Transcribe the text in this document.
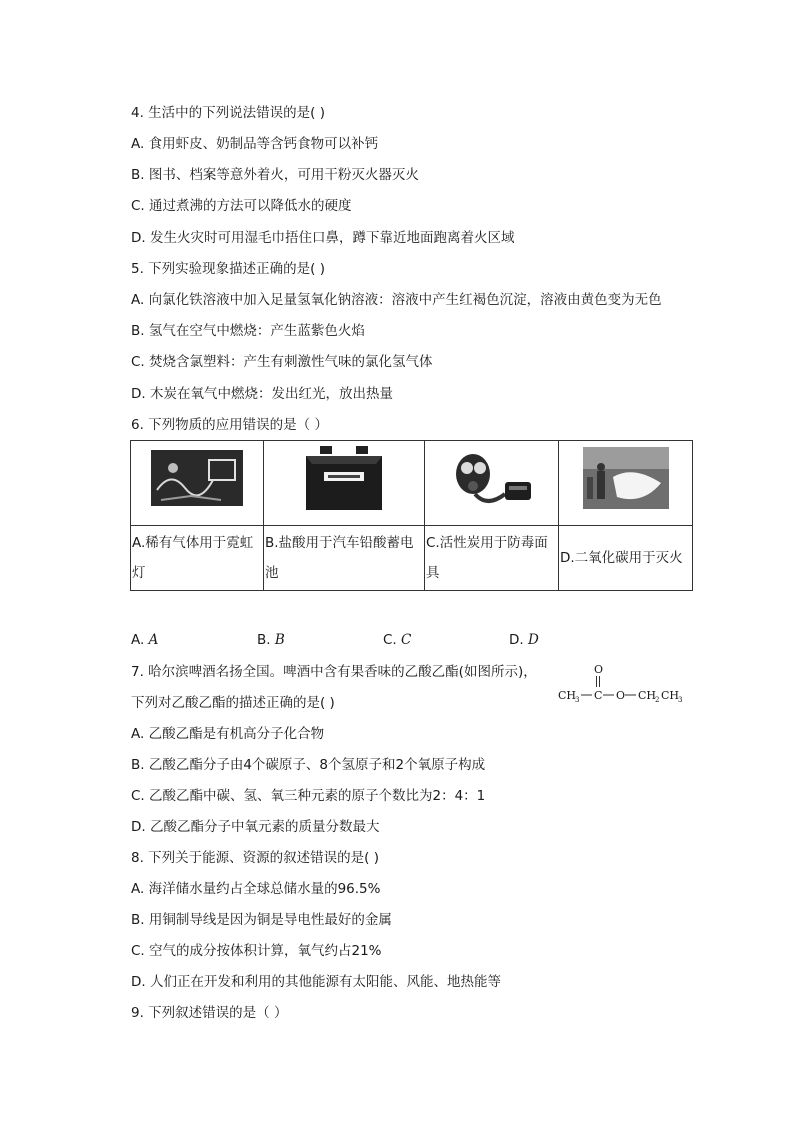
4. 生活中的下列说法错误的是( )
A. 食用虾皮、奶制品等含钙食物可以补钙
B. 图书、档案等意外着火，可用干粉灭火器灭火
C. 通过煮沸的方法可以降低水的硬度
D. 发生火灾时可用湿毛巾捂住口鼻，蹲下靠近地面跑离着火区域
5. 下列实验现象描述正确的是( )
A. 向氯化铁溶液中加入足量氢氧化钠溶液：溶液中产生红褐色沉淀，溶液由黄色变为无色
B. 氢气在空气中燃烧：产生蓝紫色火焰
C. 焚烧含氯塑料：产生有刺激性气味的氯化氢气体
D. 木炭在氧气中燃烧：发出红光，放出热量
6. 下列物质的应用错误的是（ ）

A.稀有气体用于霓虹灯	B.盐酸用于汽车铅酸蓄电池	C.活性炭用于防毒面具	D.二氧化碳用于灭火
A. A	B. B	C. C	D. D
7. 哈尔滨啤酒名扬全国。啤酒中含有果香味的乙酸乙酯(如图所示)，
下列对乙酸乙酯的描述正确的是( )
O
CH
3 C O CH
2 CH
3
A. 乙酸乙酯是有机高分子化合物
B. 乙酸乙酯分子由4个碳原子、8个氢原子和2个氧原子构成
C. 乙酸乙酯中碳、氢、氧三种元素的原子个数比为2：4：1
D. 乙酸乙酯分子中氧元素的质量分数最大
8. 下列关于能源、资源的叙述错误的是( )
A. 海洋储水量约占全球总储水量的96.5%
B. 用铜制导线是因为铜是导电性最好的金属
C. 空气的成分按体积计算，氧气约占21%
D. 人们正在开发和利用的其他能源有太阳能、风能、地热能等
9. 下列叙述错误的是（ ）
